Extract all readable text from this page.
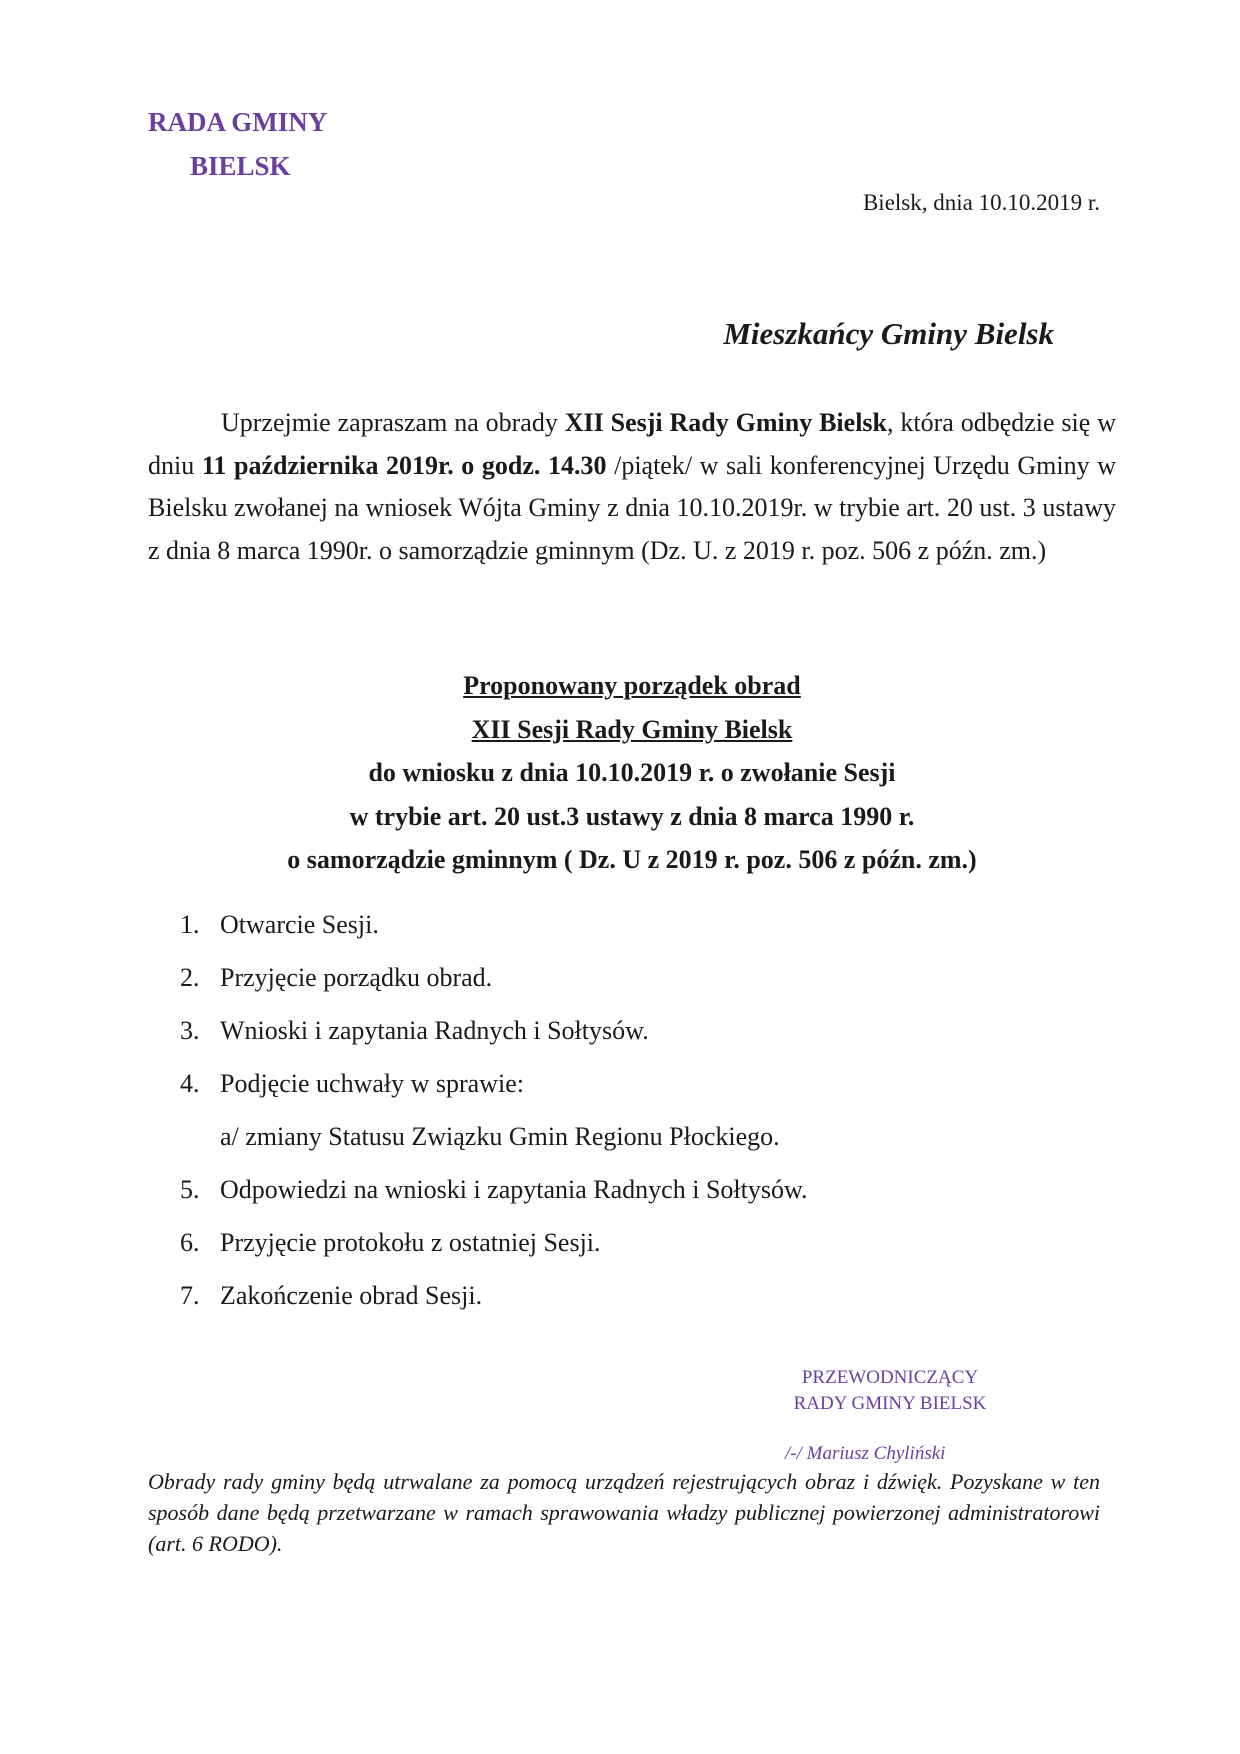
RADA GMINY
BIELSK
Bielsk, dnia 10.10.2019 r.
Mieszkańcy Gminy Bielsk

Uprzejmie zapraszam na obrady XII Sesji Rady Gminy Bielsk, która odbędzie się w dniu 11 października 2019r. o godz. 14.30 /piątek/ w sali konferencyjnej Urzędu Gminy w Bielsku zwołanej na wniosek Wójta Gminy z dnia 10.10.2019r. w trybie art. 20 ust. 3 ustawy z dnia 8 marca 1990r. o samorządzie gminnym (Dz. U. z 2019 r. poz. 506 z późn. zm.)

Proponowany porządek obrad
XII Sesji Rady Gminy Bielsk
do wniosku z dnia 10.10.2019 r. o zwołanie Sesji
w trybie art. 20 ust.3 ustawy z dnia 8 marca 1990 r.
o samorządzie gminnym ( Dz. U z 2019 r. poz. 506 z późn. zm.)
1. Otwarcie Sesji.
2. Przyjęcie porządku obrad.
3. Wnioski i zapytania Radnych i Sołtysów.
4. Podjęcie uchwały w sprawie:
a/ zmiany Statusu Związku Gmin Regionu Płockiego.
5. Odpowiedzi na wnioski i zapytania Radnych i Sołtysów.
6. Przyjęcie protokołu z ostatniej Sesji.
7. Zakończenie obrad Sesji.
PRZEWODNICZĄCY
RADY GMINY BIELSK
/-/ Mariusz Chyliński

Obrady rady gminy będą utrwalane za pomocą urządzeń rejestrujących obraz i dźwięk. Pozyskane w ten sposób dane będą przetwarzane w ramach sprawowania władzy publicznej powierzonej administratorowi (art. 6 RODO).
